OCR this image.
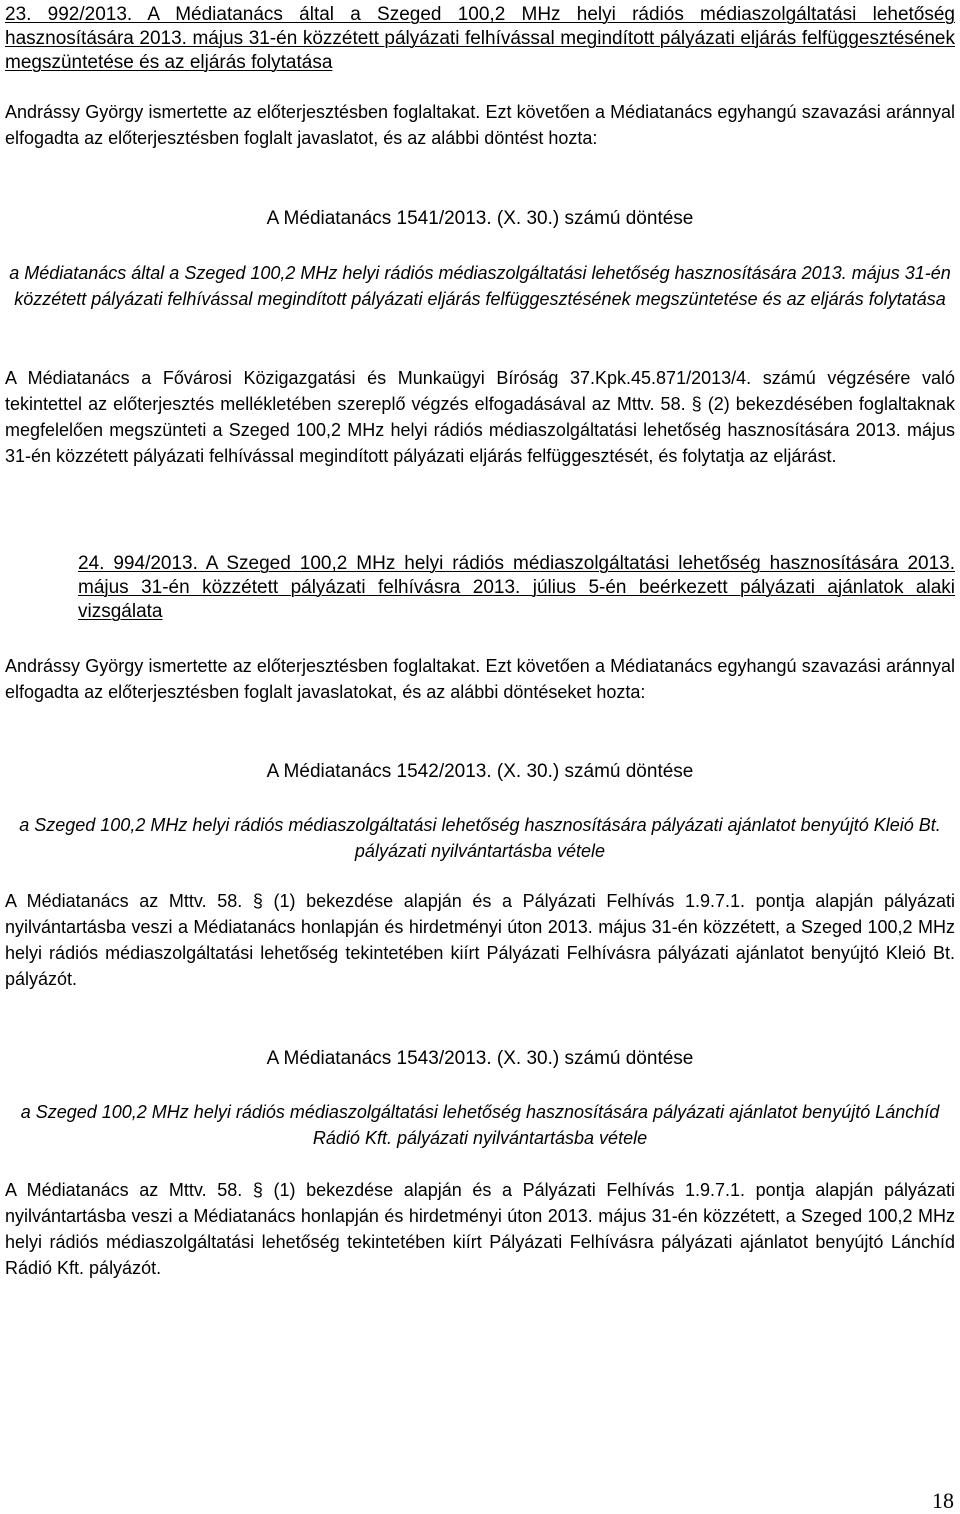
23. 992/2013. A Médiatanács által a Szeged 100,2 MHz helyi rádiós médiaszolgáltatási lehetőség hasznosítására 2013. május 31-én közzétett pályázati felhívással megindított pályázati eljárás felfüggesztésének megszüntetése és az eljárás folytatása

Andrássy György ismertette az előterjesztésben foglaltakat. Ezt követően a Médiatanács egyhangú szavazási aránnyal elfogadta az előterjesztésben foglalt javaslatot, és az alábbi döntést hozta:

A Médiatanács 1541/2013. (X. 30.) számú döntése

a Médiatanács által a Szeged 100,2 MHz helyi rádiós médiaszolgáltatási lehetőség hasznosítására 2013. május 31-én közzétett pályázati felhívással megindított pályázati eljárás felfüggesztésének megszüntetése és az eljárás folytatása

A Médiatanács a Fővárosi Közigazgatási és Munkaügyi Bíróság 37.Kpk.45.871/2013/4. számú végzésére való tekintettel az előterjesztés mellékletében szereplő végzés elfogadásával az Mttv. 58. § (2) bekezdésében foglaltaknak megfelelően megszünteti a Szeged 100,2 MHz helyi rádiós médiaszolgáltatási lehetőség hasznosítására 2013. május 31-én közzétett pályázati felhívással megindított pályázati eljárás felfüggesztését, és folytatja az eljárást.

24. 994/2013. A Szeged 100,2 MHz helyi rádiós médiaszolgáltatási lehetőség hasznosítására 2013. május 31-én közzétett pályázati felhívásra 2013. július 5-én beérkezett pályázati ajánlatok alaki vizsgálata

Andrássy György ismertette az előterjesztésben foglaltakat. Ezt követően a Médiatanács egyhangú szavazási aránnyal elfogadta az előterjesztésben foglalt javaslatokat, és az alábbi döntéseket hozta:

A Médiatanács 1542/2013. (X. 30.) számú döntése

a Szeged 100,2 MHz helyi rádiós médiaszolgáltatási lehetőség hasznosítására pályázati ajánlatot benyújtó Kleió Bt. pályázati nyilvántartásba vétele

A Médiatanács az Mttv. 58. § (1) bekezdése alapján és a Pályázati Felhívás 1.9.7.1. pontja alapján pályázati nyilvántartásba veszi a Médiatanács honlapján és hirdetményi úton 2013. május 31-én közzétett, a Szeged 100,2 MHz helyi rádiós médiaszolgáltatási lehetőség tekintetében kiírt Pályázati Felhívásra pályázati ajánlatot benyújtó Kleió Bt. pályázót.

A Médiatanács 1543/2013. (X. 30.) számú döntése

a Szeged 100,2 MHz helyi rádiós médiaszolgáltatási lehetőség hasznosítására pályázati ajánlatot benyújtó Lánchíd Rádió Kft. pályázati nyilvántartásba vétele

A Médiatanács az Mttv. 58. § (1) bekezdése alapján és a Pályázati Felhívás 1.9.7.1. pontja alapján pályázati nyilvántartásba veszi a Médiatanács honlapján és hirdetményi úton 2013. május 31-én közzétett, a Szeged 100,2 MHz helyi rádiós médiaszolgáltatási lehetőség tekintetében kiírt Pályázati Felhívásra pályázati ajánlatot benyújtó Lánchíd Rádió Kft. pályázót.

18
